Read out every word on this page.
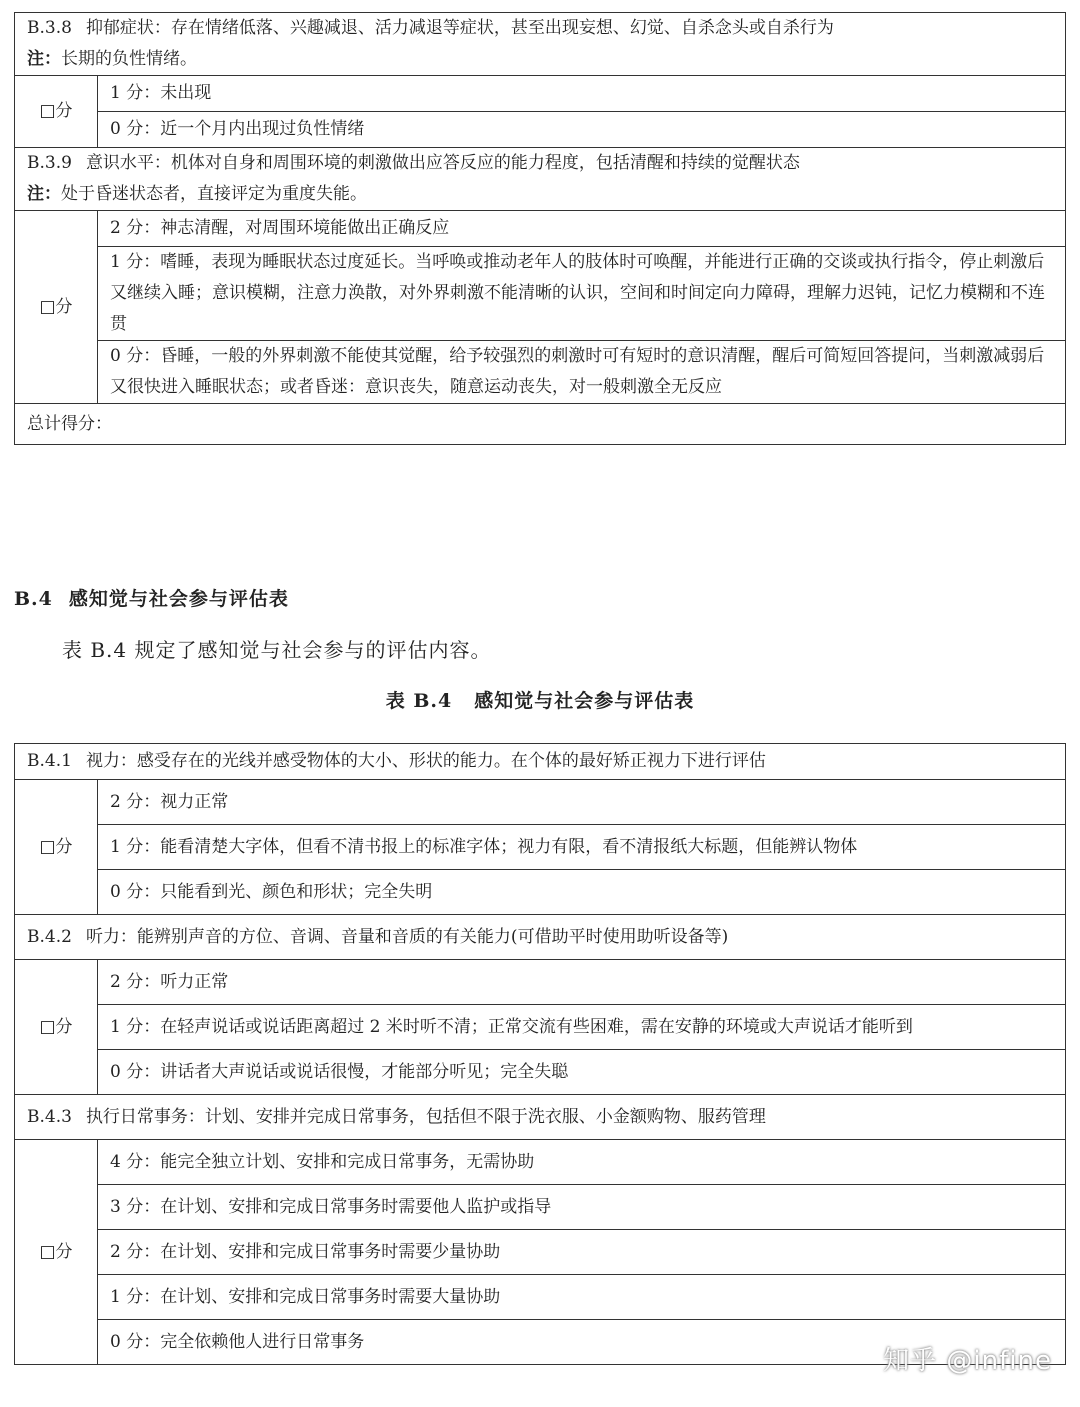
B.3.8 抑郁症状：存在情绪低落、兴趣减退、活力减退等症状，甚至出现妄想、幻觉、自杀念头或自杀行为
注：长期的负性情绪。	
□分	1 分：未出现
	0 分：近一个月内出现过负性情绪
B.3.9 意识水平：机体对自身和周围环境的刺激做出应答反应的能力程度，包括清醒和持续的觉醒状态
注：处于昏迷状态者，直接评定为重度失能。	
□分	2 分：神志清醒，对周围环境能做出正确反应
	1 分：嗜睡，表现为睡眠状态过度延长。当呼唤或推动老年人的肢体时可唤醒，并能进行正确的交谈或执行指令，停止刺激后又继续入睡；意识模糊，注意力涣散，对外界刺激不能清晰的认识，空间和时间定向力障碍，理解力迟钝，记忆力模糊和不连贯
	0 分：昏睡，一般的外界刺激不能使其觉醒，给予较强烈的刺激时可有短时的意识清醒，醒后可简短回答提问，当刺激减弱后又很快进入睡眠状态；或者昏迷：意识丧失，随意运动丧失，对一般刺激全无反应
总计得分：	
B.4 感知觉与社会参与评估表
表 B.4 规定了感知觉与社会参与的评估内容。
表 B.4 感知觉与社会参与评估表
B.4.1 视力：感受存在的光线并感受物体的大小、形状的能力。在个体的最好矫正视力下进行评估	
□分	2 分：视力正常
	1 分：能看清楚大字体，但看不清书报上的标准字体；视力有限，看不清报纸大标题，但能辨认物体
	0 分：只能看到光、颜色和形状；完全失明
B.4.2 听力：能辨别声音的方位、音调、音量和音质的有关能力(可借助平时使用助听设备等)	
□分	2 分：听力正常
	1 分：在轻声说话或说话距离超过 2 米时听不清；正常交流有些困难，需在安静的环境或大声说话才能听到
	0 分：讲话者大声说话或说话很慢，才能部分听见；完全失聪
B.4.3 执行日常事务：计划、安排并完成日常事务，包括但不限于洗衣服、小金额购物、服药管理	
□分	4 分：能完全独立计划、安排和完成日常事务，无需协助
	3 分：在计划、安排和完成日常事务时需要他人监护或指导
	2 分：在计划、安排和完成日常事务时需要少量协助
	1 分：在计划、安排和完成日常事务时需要大量协助
	0 分：完全依赖他人进行日常事务
知乎 @infine
